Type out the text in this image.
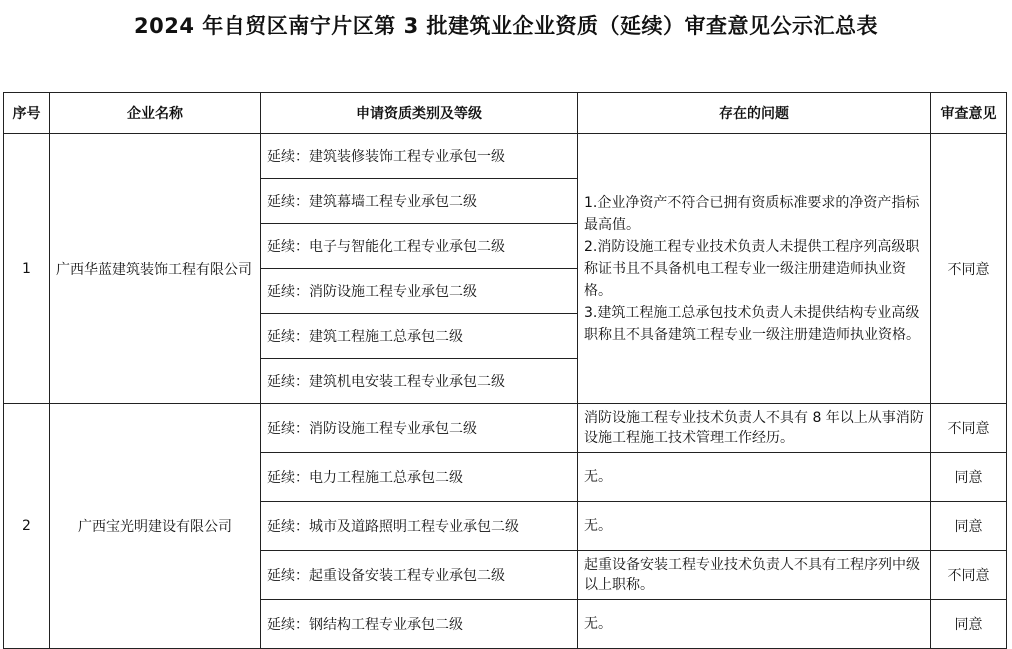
2024 年自贸区南宁片区第 3 批建筑业企业资质（延续）审查意见公示汇总表
序号	企业名称	申请资质类别及等级	存在的问题	审查意见
1	广西华蓝建筑装饰工程有限公司	延续：建筑装修装饰工程专业承包一级	1.企业净资产不符合已拥有资质标准要求的净资产指标最高值。
2.消防设施工程专业技术负责人未提供工程序列高级职称证书且不具备机电工程专业一级注册建造师执业资格。
3.建筑工程施工总承包技术负责人未提供结构专业高级职称且不具备建筑工程专业一级注册建造师执业资格。	不同意
		延续：建筑幕墙工程专业承包二级		
		延续：电子与智能化工程专业承包二级		
		延续：消防设施工程专业承包二级		
		延续：建筑工程施工总承包二级		
		延续：建筑机电安装工程专业承包二级		
2	广西宝光明建设有限公司	延续：消防设施工程专业承包二级	消防设施工程专业技术负责人不具有 8 年以上从事消防设施工程施工技术管理工作经历。	不同意
		延续：电力工程施工总承包二级	无。	同意
		延续：城市及道路照明工程专业承包二级	无。	同意
		延续：起重设备安装工程专业承包二级	起重设备安装工程专业技术负责人不具有工程序列中级以上职称。	不同意
		延续：钢结构工程专业承包二级	无。	同意
